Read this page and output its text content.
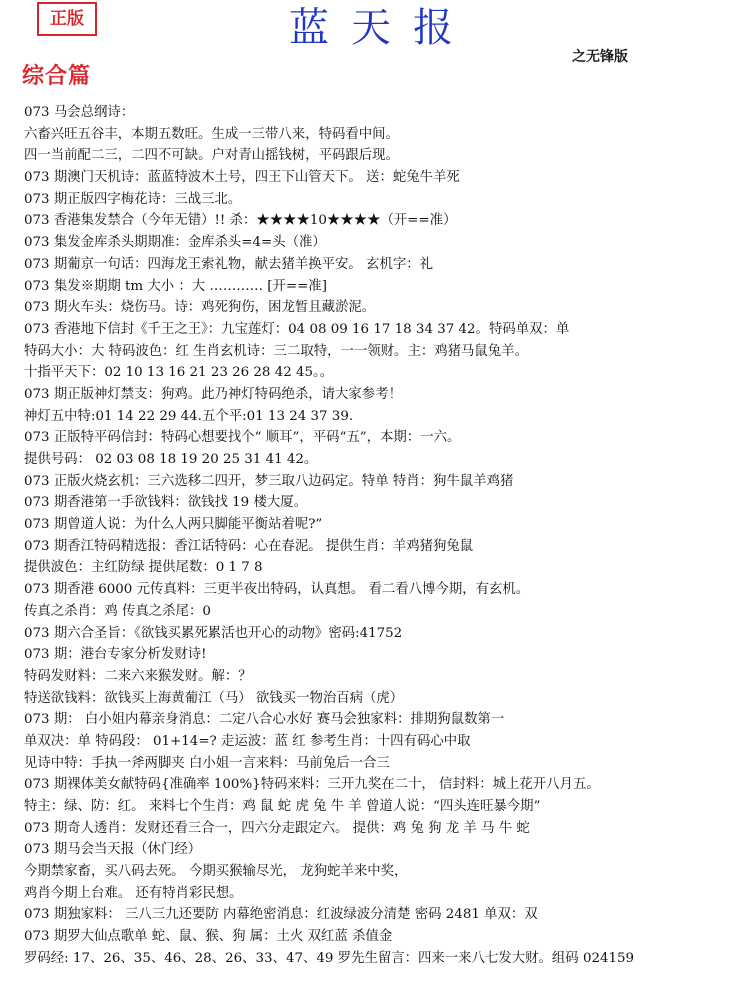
正版	蓝天报
之无锋版
综合篇
073 马会总纲诗：
六畜兴旺五谷丰，本期五数旺。生成一三带八来，特码看中间。
四一当前配二三，二四不可缺。户对青山摇钱树，平码跟后现。
073 期澳门天机诗：蓝蓝特波木土号，四王下山管天下。 送：蛇兔牛羊死
073 期正版四字梅花诗：三战三北。
073 香港集发禁合（今年无错）!! 杀：★★★★10★★★★（开==准）
073 集发金库杀头期期准：金库杀头=4=头（准）
073 期葡京一句话：四海龙王索礼物，献去猪羊换平安。 玄机字：礼
073 集发※期期 tm 大小 ：大 ………… [开==准]
073 期火车头：烧伤马。诗：鸡死狗伤，困龙暂且藏淤泥。
073 香港地下信封《千王之王》：九宝莲灯：04 08 09 16 17 18 34 37 42。特码单双：单
特码大小：大 特码波色：红 生肖玄机诗：三二取特，一一领财。主：鸡猪马鼠兔羊。
十指平天下：02 10 13 16 21 23 26 28 42 45。。
073 期正版神灯禁支：狗鸡。此乃神灯特码绝杀，请大家参考！
神灯五中特:01 14 22 29 44.五个平:01 13 24 37 39.
073 正版特平码信封：特码心想要找个“ 顺耳”，平码“五”，本期：一六。
提供号码： 02 03 08 18 19 20 25 31 41 42。
073 正版火烧玄机：三六选移二四开，梦三取八边码定。特单 特肖：狗牛鼠羊鸡猪
073 期香港第一手欲钱料：欲钱找 19 楼大厦。
073 期曾道人说：为什么人两只脚能平衡站着呢?”
073 期香江特码精选报：香江话特码：心在春泥。 提供生肖：羊鸡猪狗兔鼠
提供波色：主红防绿 提供尾数：0 1 7 8
073 期香港 6000 元传真料：三更半夜出特码，认真想。 看二看八博今期，有玄机。
传真之杀肖：鸡 传真之杀尾：0
073 期六合圣旨：《欲钱买累死累活也开心的动物》密码:41752
073 期：港台专家分析发财诗!
特码发财料：二来六来猴发财。解：？
特送欲钱料：欲钱买上海黄葡江（马） 欲钱买一物治百病（虎）
073 期： 白小姐内幕亲身消息：二定八合心水好 赛马会独家料：排期狗鼠数第一
单双决：单 特码段： 01+14=? 走运波：蓝 红 参考生肖：十四有码心中取
见诗中特：手执一斧两脚夹 白小姐一言来料：马前兔后一合三
073 期裸体美女献特码{准确率 100%}特码来料：三开九奖在二十， 信封料：城上花开八月五。
特主：绿、防：红。 来料七个生肖：鸡 鼠 蛇 虎 兔 牛 羊 曾道人说：“四头连旺暴今期”
073 期奇人透肖：发财还看三合一，四六分走跟定六。 提供：鸡 兔 狗 龙 羊 马 牛 蛇
073 期马会当天报（休门经）
今期禁家畜，买八码去死。 今期买猴输尽光， 龙狗蛇羊来中奖，
鸡肖今期上台难。 还有特肖彩民想。
073 期独家料： 三八三九还要防 内幕绝密消息：红波绿波分清楚 密码 2481 单双：双
073 期罗大仙点歌单 蛇、鼠、猴、狗 属：土火 双红蓝 杀值金
罗码经: 17、26、35、46、28、26、33、47、49 罗先生留言：四来一来八七发大财。组码 024159
